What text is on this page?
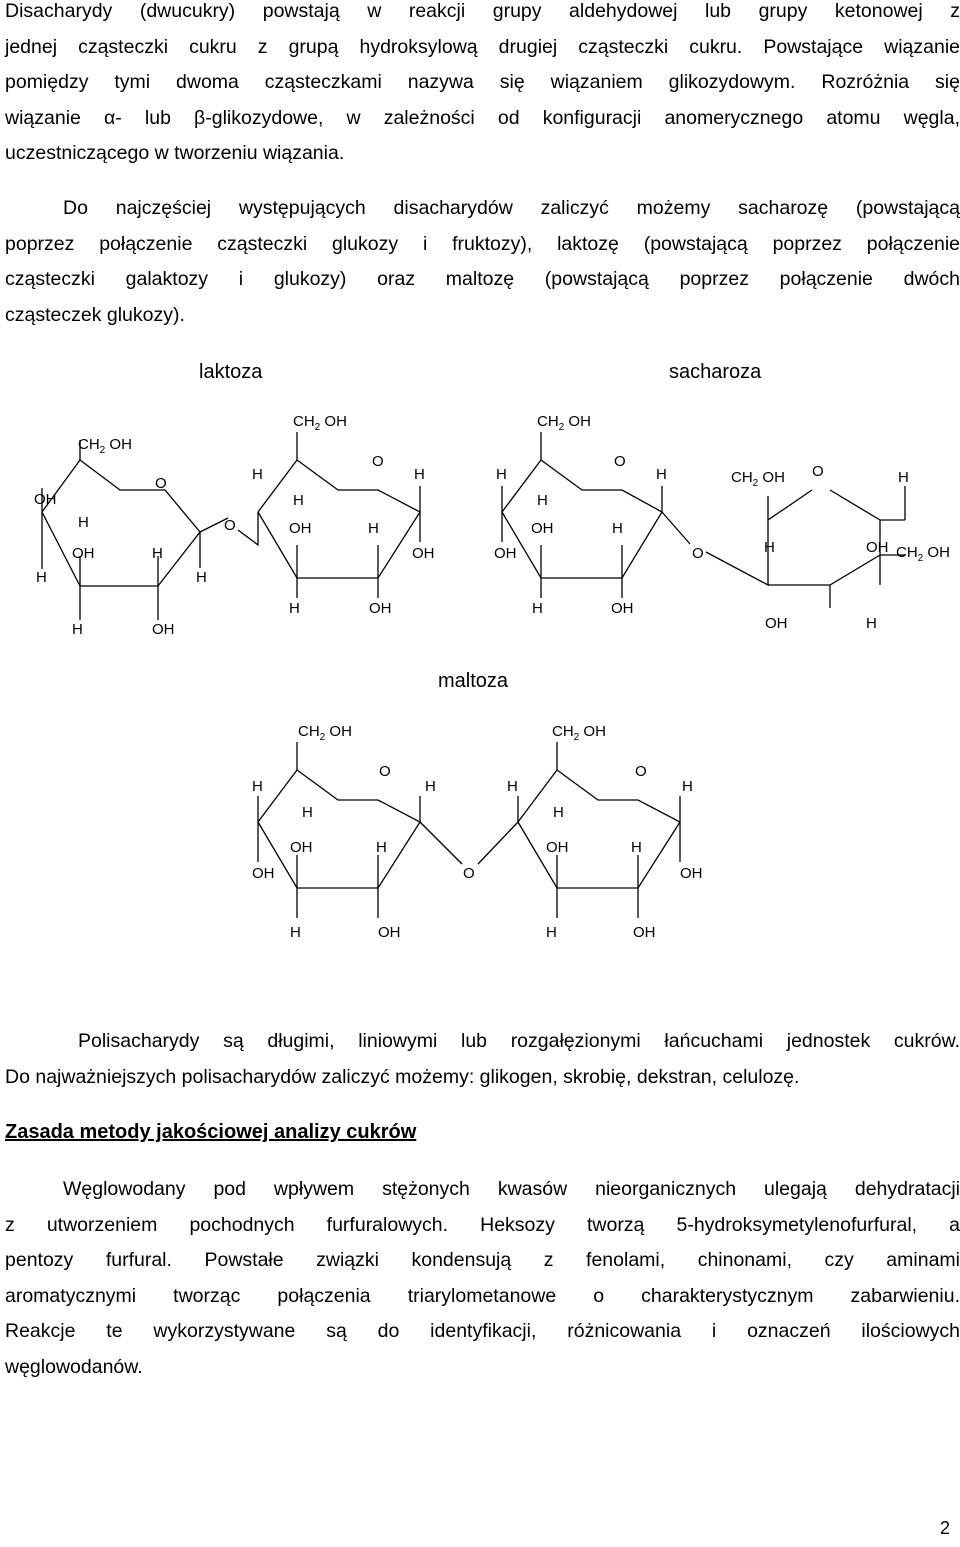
Disacharydy (dwucukry) powstają w reakcji grupy aldehydowej lub grupy ketonowej z
jednej cząsteczki cukru z grupą hydroksylową drugiej cząsteczki cukru. Powstające wiązanie
pomiędzy tymi dwoma cząsteczkami nazywa się wiązaniem glikozydowym. Rozróżnia się
wiązanie α- lub β-glikozydowe, w zależności od konfiguracji anomerycznego atomu węgla,
uczestniczącego w tworzeniu wiązania.

Do najczęściej występujących disacharydów zaliczyć możemy sacharozę (powstającą
poprzez połączenie cząsteczki glukozy i fruktozy), laktozę (powstającą poprzez połączenie
cząsteczki galaktozy i glukozy) oraz maltozę (powstającą poprzez połączenie dwóch
cząsteczek glukozy).

laktoza	sacharoza
maltoza
$CH_2$ OH
OH
O
H
OH	H
H	H
H	OH
O
$CH_2$ OH
O
H	H
H
OH	H
OH
H	OH
$CH_2$ OH
O
H	H
H
OH	H
OH
H	OH
O
$CH_2$ OH O	H
H	OH $CH_2$ OH
OH	H
$CH_2$ OH
O
H	H
H
OH	H
OH	O
H	OH
$CH_2$ OH
O
H	H
H
OH	H
OH
H	OH

Polisacharydy są długimi, liniowymi lub rozgałęzionymi łańcuchami jednostek cukrów.
Do najważniejszych polisacharydów zaliczyć możemy: glikogen, skrobię, dekstran, celulozę.

Zasada metody jakościowej analizy cukrów

Węglowodany pod wpływem stężonych kwasów nieorganicznych ulegają dehydratacji
z utworzeniem pochodnych furfuralowych. Heksozy tworzą 5-hydroksymetylenofurfural, a
pentozy furfural. Powstałe związki kondensują z fenolami, chinonami, czy aminami
aromatycznymi tworząc połączenia triarylometanowe o charakterystycznym zabarwieniu.
Reakcje te wykorzystywane są do identyfikacji, różnicowania i oznaczeń ilościowych
węglowodanów.

2
